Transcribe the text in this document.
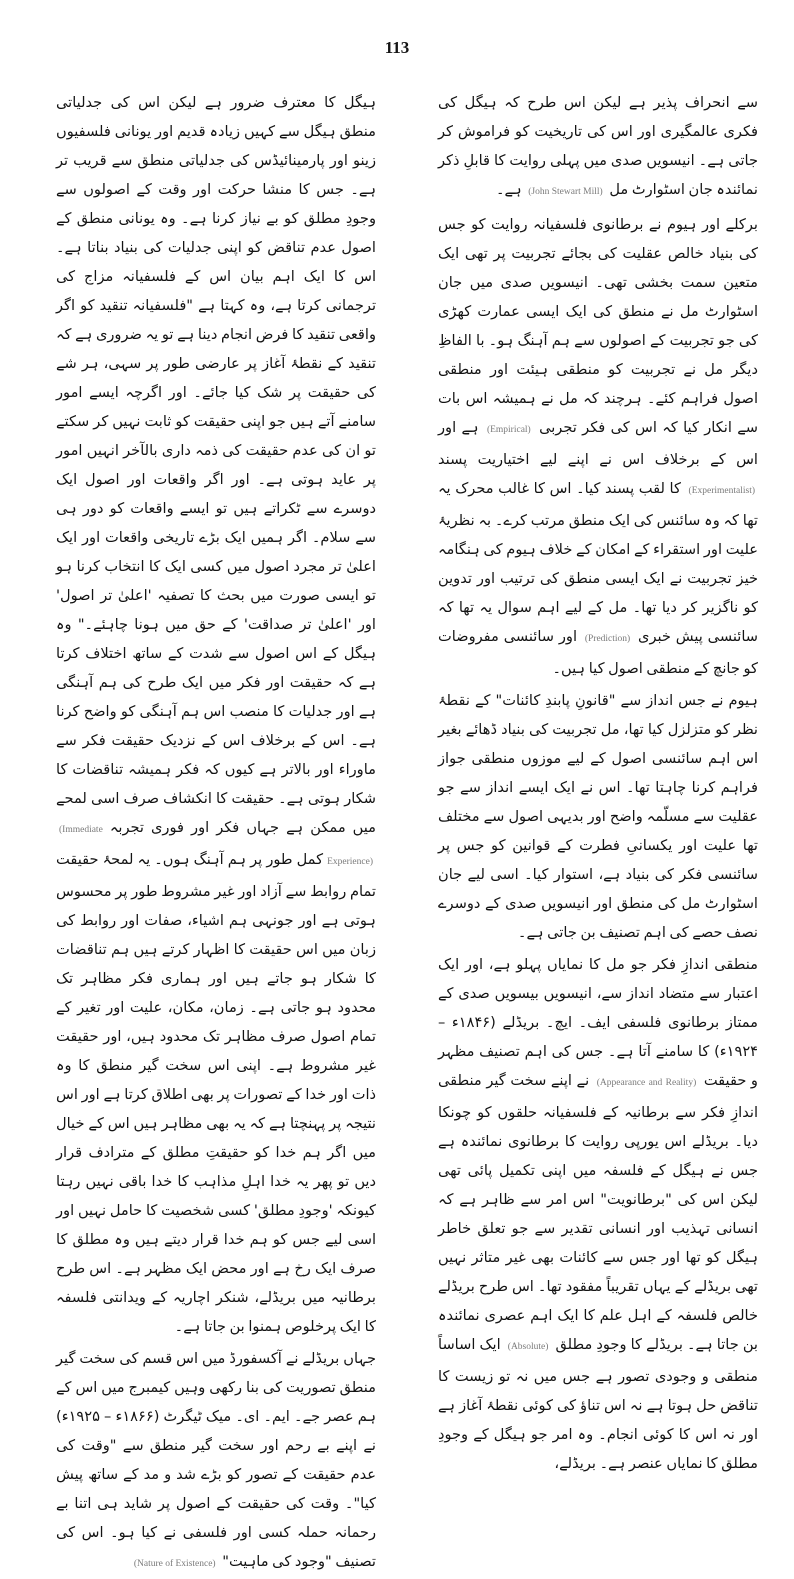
113

سے انحراف پذیر ہے لیکن اس طرح کہ ہیگل کی فکری عالمگیری اور اس کی تاریخیت کو فراموش کر جاتی ہے۔ انیسویں صدی میں پہلی روایت کا قابلِ ذکر نمائندہ جان اسٹوارٹ مل (John Stewart Mill) ہے۔

برکلے اور ہیوم نے برطانوی فلسفیانہ روایت کو جس کی بنیاد خالص عقلیت کی بجائے تجربیت پر تھی ایک متعین سمت بخشی تھی۔ انیسویں صدی میں جان اسٹوارٹ مل نے منطق کی ایک ایسی عمارت کھڑی کی جو تجربیت کے اصولوں سے ہم آہنگ ہو۔ با الفاظِ دیگر مل نے تجربیت کو منطقی ہیئت اور منطقی اصول فراہم کئے۔ ہرچند کہ مل نے ہمیشہ اس بات سے انکار کیا کہ اس کی فکر تجربی (Empirical) ہے اور اس کے برخلاف اس نے اپنے لیے اختیاریت پسند (Experimentalist) کا لقب پسند کیا۔ اس کا غالب محرک یہ تھا کہ وہ سائنس کی ایک منطق مرتب کرے۔ بہ نظریۂ علیت اور استقراء کے امکان کے خلاف ہیوم کی ہنگامہ خیز تجربیت نے ایک ایسی منطق کی ترتیب اور تدوین کو ناگزیر کر دیا تھا۔ مل کے لیے اہم سوال یہ تھا کہ سائنسی پیش خبری (Prediction) اور سائنسی مفروضات کو جانچ کے منطقی اصول کیا ہیں۔

ہیوم نے جس انداز سے "قانونِ پابندِ کائنات" کے نقطۂ نظر کو متزلزل کیا تھا، مل تجربیت کی بنیاد ڈھائے بغیر اس اہم سائنسی اصول کے لیے موزوں منطقی جواز فراہم کرنا چاہتا تھا۔ اس نے ایک ایسے انداز سے جو عقلیت سے مسلّمہ واضح اور بدیہی اصول سے مختلف تھا علیت اور یکسانیِ فطرت کے قوانین کو جس پر سائنسی فکر کی بنیاد ہے، استوار کیا۔ اسی لیے جان اسٹوارٹ مل کی منطق اور انیسویں صدی کے دوسرے نصف حصے کی اہم تصنیف بن جاتی ہے۔

منطقی اندازِ فکر جو مل کا نمایاں پہلو ہے، اور ایک اعتبار سے متضاد انداز سے، انیسویں بیسویں صدی کے ممتاز برطانوی فلسفی ایف۔ ایچ۔ بریڈلے (۱۸۴۶ء – ۱۹۲۴ء) کا سامنے آتا ہے۔ جس کی اہم تصنیف مظہر و حقیقت (Appearance and Reality) نے اپنے سخت گیر منطقی اندازِ فکر سے برطانیہ کے فلسفیانہ حلقوں کو چونکا دیا۔ بریڈلے اس یورپی روایت کا برطانوی نمائندہ ہے جس نے ہیگل کے فلسفہ میں اپنی تکمیل پائی تھی لیکن اس کی "برطانویت" اس امر سے ظاہر ہے کہ انسانی تہذیب اور انسانی تقدیر سے جو تعلق خاطر ہیگل کو تھا اور جس سے کائنات بھی غیر متاثر نہیں تھی بریڈلے کے یہاں تقریباً مفقود تھا۔ اس طرح بریڈلے خالص فلسفہ کے اہل علم کا ایک اہم عصری نمائندہ بن جاتا ہے۔ بریڈلے کا وجودِ مطلق (Absolute) ایک اساساً منطقی و وجودی تصور ہے جس میں نہ تو زیست کا تناقض حل ہوتا ہے نہ اس تناؤ کی کوئی نقطۂ آغاز ہے اور نہ اس کا کوئی انجام۔ وہ امر جو ہیگل کے وجودِ مطلق کا نمایاں عنصر ہے۔ بریڈلے،

ہیگل کا معترف ضرور ہے لیکن اس کی جدلیاتی منطق ہیگل سے کہیں زیادہ قدیم اور یونانی فلسفیوں زینو اور پارمینائیڈس کی جدلیاتی منطق سے قریب تر ہے۔ جس کا منشا حرکت اور وقت کے اصولوں سے وجودِ مطلق کو بے نیاز کرنا ہے۔ وہ یونانی منطق کے اصول عدم تناقض کو اپنی جدلیات کی بنیاد بناتا ہے۔ اس کا ایک اہم بیان اس کے فلسفیانہ مزاج کی ترجمانی کرتا ہے، وہ کہتا ہے "فلسفیانہ تنقید کو اگر واقعی تنقید کا فرض انجام دینا ہے تو یہ ضروری ہے کہ تنقید کے نقطۂ آغاز پر عارضی طور پر سہی، ہر شے کی حقیقت پر شک کیا جائے۔ اور اگرچہ ایسے امور سامنے آتے ہیں جو اپنی حقیقت کو ثابت نہیں کر سکتے تو ان کی عدم حقیقت کی ذمہ داری بالآخر انہیں امور پر عاید ہوتی ہے۔ اور اگر واقعات اور اصول ایک دوسرے سے ٹکراتے ہیں تو ایسے واقعات کو دور ہی سے سلام۔ اگر ہمیں ایک بڑے تاریخی واقعات اور ایک اعلیٰ تر مجرد اصول میں کسی ایک کا انتخاب کرنا ہو تو ایسی صورت میں بحث کا تصفیہ 'اعلیٰ تر اصول' اور 'اعلیٰ تر صداقت' کے حق میں ہونا چاہئے۔" وہ ہیگل کے اس اصول سے شدت کے ساتھ اختلاف کرتا ہے کہ حقیقت اور فکر میں ایک طرح کی ہم آہنگی ہے اور جدلیات کا منصب اس ہم آہنگی کو واضح کرنا ہے۔ اس کے برخلاف اس کے نزدیک حقیقت فکر سے ماوراء اور بالاتر ہے کیوں کہ فکر ہمیشہ تناقضات کا شکار ہوتی ہے۔ حقیقت کا انکشاف صرف اسی لمحے میں ممکن ہے جہاں فکر اور فوری تجربہ (Immediate Experience) کمل طور پر ہم آہنگ ہوں۔ یہ لمحۂ حقیقت تمام روابط سے آزاد اور غیر مشروط طور پر محسوس ہوتی ہے اور جونہی ہم اشیاء، صفات اور روابط کی زبان میں اس حقیقت کا اظہار کرتے ہیں ہم تناقضات کا شکار ہو جاتے ہیں اور ہماری فکر مظاہر تک محدود ہو جاتی ہے۔ زمان، مکان، علیت اور تغیر کے تمام اصول صرف مظاہر تک محدود ہیں، اور حقیقت غیر مشروط ہے۔ اپنی اس سخت گیر منطق کا وہ ذات اور خدا کے تصورات پر بھی اطلاق کرتا ہے اور اس نتیجہ پر پہنچتا ہے کہ یہ بھی مظاہر ہیں اس کے خیال میں اگر ہم خدا کو حقیقتِ مطلق کے مترادف قرار دیں تو پھر یہ خدا اہلِ مذاہب کا خدا باقی نہیں رہتا کیونکہ 'وجودِ مطلق' کسی شخصیت کا حامل نہیں اور اسی لیے جس کو ہم خدا قرار دیتے ہیں وہ مطلق کا صرف ایک رخ ہے اور محض ایک مظہر ہے۔ اس طرح برطانیہ میں بریڈلے، شنکر اچاریہ کے ویدانتی فلسفہ کا ایک پرخلوص ہمنوا بن جاتا ہے۔

جہاں بریڈلے نے آکسفورڈ میں اس قسم کی سخت گیر منطق تصوریت کی بنا رکھی وہیں کیمبرج میں اس کے ہم عصر جے۔ ایم۔ ای۔ میک ٹیگرٹ (۱۸۶۶ء – ۱۹۲۵ء) نے اپنے بے رحم اور سخت گیر منطق سے "وقت کی عدم حقیقت کے تصور کو بڑے شد و مد کے ساتھ پیش کیا"۔ وقت کی حقیقت کے اصول پر شاید ہی اتنا بے رحمانہ حملہ کسی اور فلسفی نے کیا ہو۔ اس کی تصنیف "وجود کی ماہیت" (Nature of Existence)
